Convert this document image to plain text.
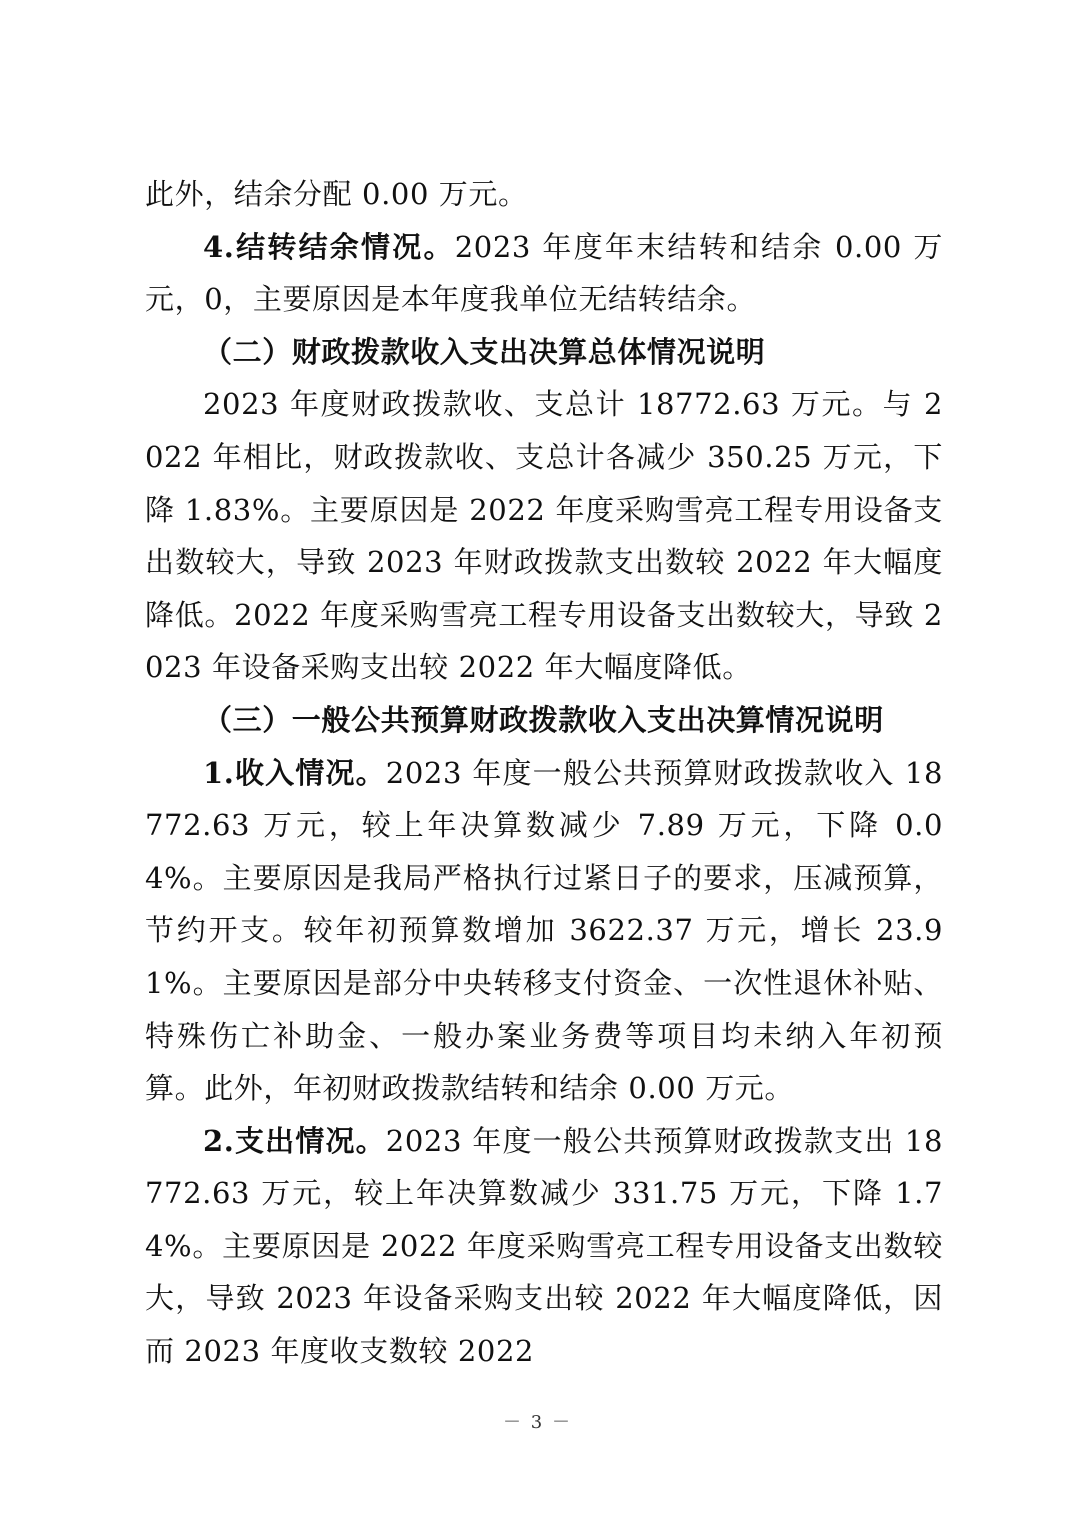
此外，结余分配 0.00 万元。

4.结转结余情况。2023 年度年末结转和结余 0.00 万元，0，主要原因是本年度我单位无结转结余。

（二）财政拨款收入支出决算总体情况说明

2023 年度财政拨款收、支总计 18772.63 万元。与 2022 年相比，财政拨款收、支总计各减少 350.25 万元，下降 1.83%。主要原因是 2022 年度采购雪亮工程专用设备支出数较大，导致 2023 年财政拨款支出数较 2022 年大幅度降低。2022 年度采购雪亮工程专用设备支出数较大，导致 2023 年设备采购支出较 2022 年大幅度降低。

（三）一般公共预算财政拨款收入支出决算情况说明

1.收入情况。2023 年度一般公共预算财政拨款收入 18772.63 万元，较上年决算数减少 7.89 万元，下降 0.04%。主要原因是我局严格执行过紧日子的要求，压减预算，节约开支。较年初预算数增加 3622.37 万元，增长 23.91%。主要原因是部分中央转移支付资金、一次性退休补贴、特殊伤亡补助金、一般办案业务费等项目均未纳入年初预算。此外，年初财政拨款结转和结余 0.00 万元。

2.支出情况。2023 年度一般公共预算财政拨款支出 18772.63 万元，较上年决算数减少 331.75 万元，下降 1.74%。主要原因是 2022 年度采购雪亮工程专用设备支出数较大，导致 2023 年设备采购支出较 2022 年大幅度降低，因而 2023 年度收支数较 2022

－ 3 －
